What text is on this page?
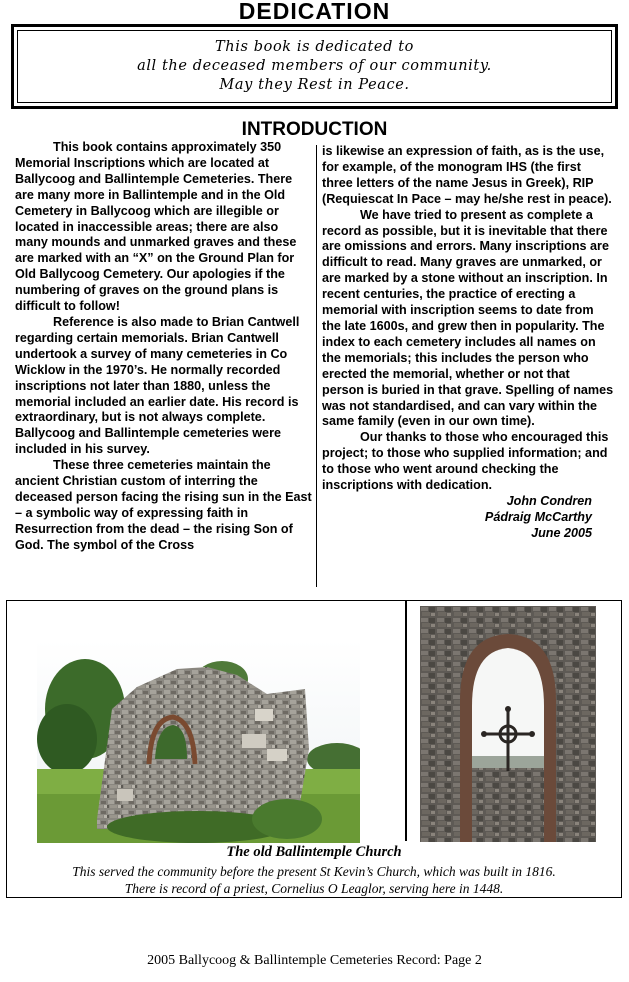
DEDICATION
This book is dedicated to
all the deceased members of our community.
May they Rest in Peace.
INTRODUCTION

This book contains approximately 350 Memorial Inscriptions which are located at Ballycoog and Ballintemple Cemeteries. There are many more in Ballintemple and in the Old Cemetery in Ballycoog which are illegible or located in inaccessible areas; there are also many mounds and unmarked graves and these are marked with an “X” on the Ground Plan for Old Ballycoog Cemetery. Our apologies if the numbering of graves on the ground plans is difficult to follow!

Reference is also made to Brian Cantwell regarding certain memorials. Brian Cantwell undertook a survey of many cemeteries in Co Wicklow in the 1970’s. He normally recorded inscriptions not later than 1880, unless the memorial included an earlier date. His record is extraordinary, but is not always complete. Ballycoog and Ballintemple cemeteries were included in his survey.

These three cemeteries maintain the ancient Christian custom of interring the deceased person facing the rising sun in the East – a symbolic way of expressing faith in Resurrection from the dead – the rising Son of God. The symbol of the Cross

is likewise an expression of faith, as is the use, for example, of the monogram IHS (the first three letters of the name Jesus in Greek), RIP (Requiescat In Pace – may he/she rest in peace).

We have tried to present as complete a record as possible, but it is inevitable that there are omissions and errors. Many inscriptions are difficult to read. Many graves are unmarked, or are marked by a stone without an inscription. In recent centuries, the practice of erecting a memorial with inscription seems to date from the late 1600s, and grew then in popularity. The index to each cemetery includes all names on the memorials; this includes the person who erected the memorial, whether or not that person is buried in that grave. Spelling of names was not standardised, and can vary within the same family (even in our own time).

Our thanks to those who encouraged this project; to those who supplied information; and to those who went around checking the inscriptions with dedication.

John Condren
Pádraig McCarthy
June 2005
The old Ballintemple Church
This served the community before the present St Kevin’s Church, which was built in 1816.
There is record of a priest, Cornelius O Leaglor, serving here in 1448.
2005 Ballycoog & Ballintemple Cemeteries Record: Page 2
